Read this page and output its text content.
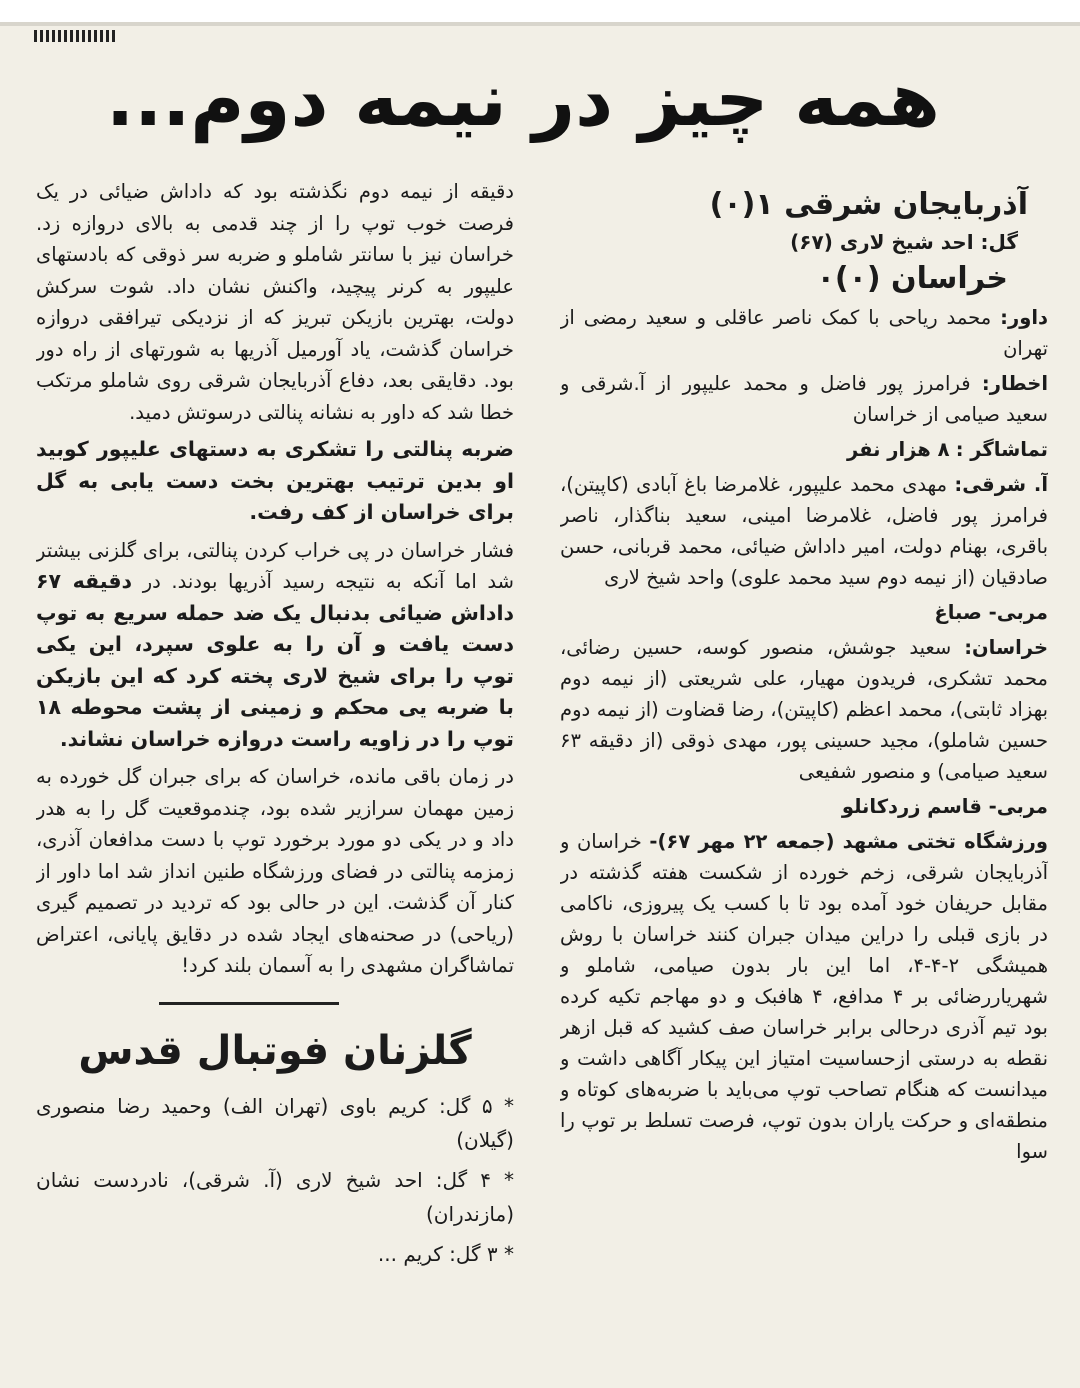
همه چیز در نیمه دوم...

آذربایجان شرقی ۱(۰)

گل: احد شیخ لاری (۶۷)

خراسان (۰)۰

داور: محمد ریاحی با کمک ناصر عاقلی و سعید رمضی از تهران

اخطار: فرامرز پور فاضل و محمد علیپور از آ.شرقی و سعید صیامی از خراسان

تماشاگر : ۸ هزار نفر

آ. شرقی: مهدی محمد علیپور، غلامرضا باغ آبادی (کاپیتن)، فرامرز پور فاضل، غلامرضا امینی، سعید بناگذار، ناصر باقری، بهنام دولت، امیر داداش ضیائی، محمد قربانی، حسن صادقیان (از نیمه دوم سید محمد علوی) واحد شیخ لاری

مربی- صباغ

خراسان: سعید جوشش، منصور کوسه، حسین رضائی، محمد تشکری، فریدون مهیار، علی شریعتی (از نیمه دوم بهزاد ثابتی)، محمد اعظم (کاپیتن)، رضا قضاوت (از نیمه دوم حسین شاملو)، مجید حسینی پور، مهدی ذوقی (از دقیقه ۶۳ سعید صیامی) و منصور شفیعی

مربی- قاسم زردکانلو

ورزشگاه تختی مشهد (جمعه ۲۲ مهر ۶۷)- خراسان و آذربایجان شرقی، زخم خورده از شکست هفته گذشته در مقابل حریفان خود آمده بود تا با کسب یک پیروزی، ناکامی در بازی قبلی را دراین میدان جبران کنند خراسان با روش همیشگی ۲-۴-۴، اما این بار بدون صیامی، شاملو و شهریاررضائی بر ۴ مدافع، ۴ هافبک و دو مهاجم تکیه کرده بود تیم آذری درحالی برابر خراسان صف کشید که قبل ازهر نقطه به درستی ازحساسیت امتیاز این پیکار آگاهی داشت و میدانست که هنگام تصاحب توپ می‌باید با ضربه‌های کوتاه و منطقه‌ای و حرکت یاران بدون توپ، فرصت تسلط بر توپ را سوا

دقیقه از نیمه دوم نگذشته بود که داداش ضیائی در یک فرصت خوب توپ را از چند قدمی به بالای دروازه زد. خراسان نیز با سانتر شاملو و ضربه سر ذوقی که بادستهای علیپور به کرنر پیچید، واکنش نشان داد. شوت سرکش دولت، بهترین بازیکن تبریز که از نزدیکی تیرافقی دروازه خراسان گذشت، یاد آورمیل آذریها به شورتهای از راه دور بود. دقایقی بعد، دفاع آذربایجان شرقی روی شاملو مرتکب خطا شد که داور به نشانه پنالتی درسوتش دمید.

ضربه پنالتی را تشکری به دستهای علیپور کوبید او بدین ترتیب بهترین بخت دست یابی به گل برای خراسان از کف رفت.

فشار خراسان در پی خراب کردن پنالتی، برای گلزنی بیشتر شد اما آنکه به نتیجه رسید آذریها بودند. در دقیقه ۶۷ داداش ضیائی بدنبال یک ضد حمله سریع به توپ دست یافت و آن را به علوی سپرد، این یکی توپ را برای شیخ لاری پخته کرد که این بازیکن با ضربه یی محکم و زمینی از پشت محوطه ۱۸ توپ را در زاویه راست دروازه خراسان نشاند.

در زمان باقی مانده، خراسان که برای جبران گل خورده به زمین مهمان سرازیر شده بود، چندموقعیت گل را به هدر داد و در یکی دو مورد برخورد توپ با دست مدافعان آذری، زمزمه پنالتی در فضای ورزشگاه طنین انداز شد اما داور از کنار آن گذشت. این در حالی بود که تردید در تصمیم گیری (ریاحی) در صحنه‌های ایجاد شده در دقایق پایانی، اعتراض تماشاگران مشهدی را به آسمان بلند کرد!

گلزنان فوتبال قدس

* ۵ گل: کریم باوی (تهران الف) وحمید رضا منصوری (گیلان)

* ۴ گل: احد شیخ لاری (آ. شرقی)، نادردست نشان (مازندران)

* ۳ گل: کریم ...
